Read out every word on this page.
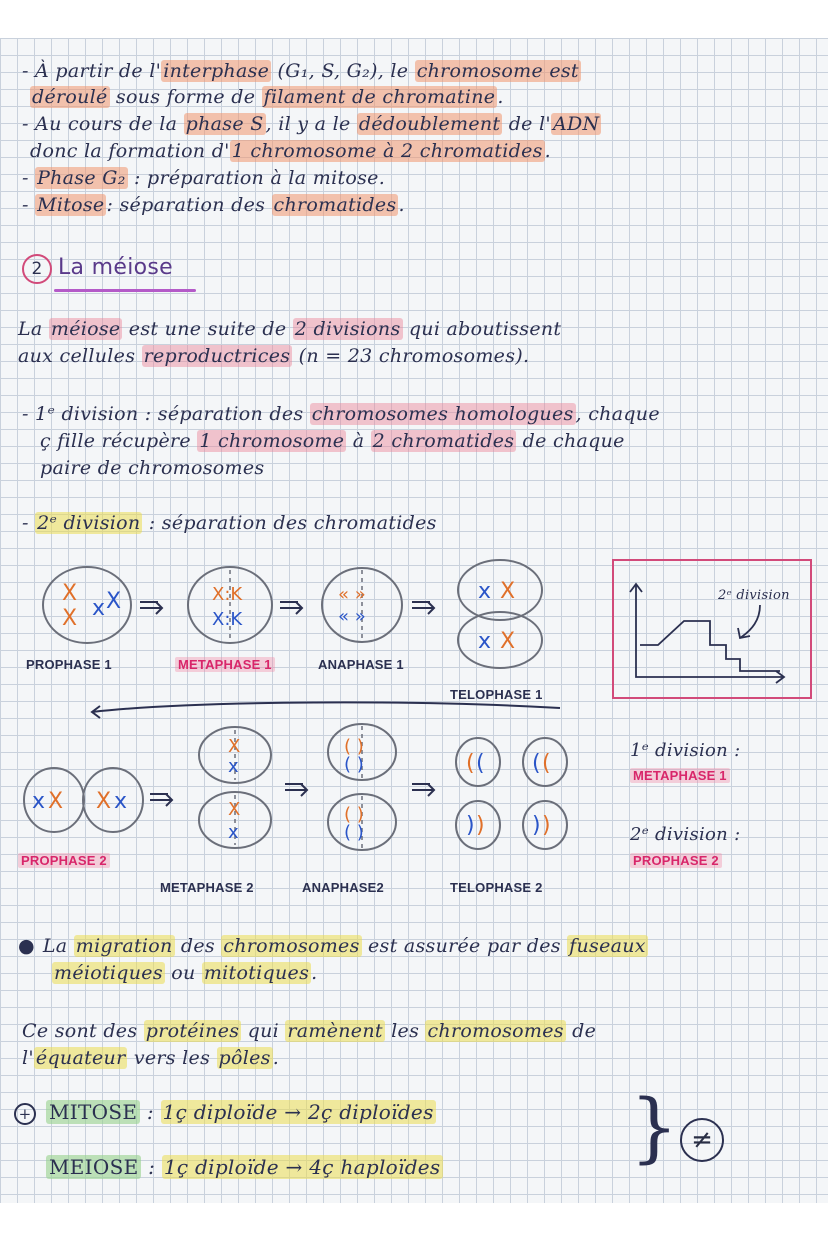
- À partir de l' interphase (G₁, S, G₂), le chromosome est
déroulé sous forme de filament de chromatine .
- Au cours de la phase S , il y a le dédoublement de l' ADN
donc la formation d' 1 chromosome à 2 chromatides .
- Phase G₂ : préparation à la mitose.
- Mitose : séparation des chromatides .
2 La méiose
La méiose est une suite de 2 divisions qui aboutissent
aux cellules reproductrices (n = 23 chromosomes).
- 1ᵉ division : séparation des chromosomes homologues , chaque
ç fille récupère 1 chromosome à 2 chromatides de chaque
paire de chromosomes
- 2ᵉ division : séparation des chromatides
X
X x X	X:K
X:K
« »
« »
x X
x X
x X X x
X
x
X
x
( )
( )
( )
( )
( ( ( (
) ) ) )
PROPHASE 1	METAPHASE 1	ANAPHASE 1
TELOPHASE 1
PROPHASE 2
METAPHASE 2	ANAPHASE2	TELOPHASE 2
2ᵉ division
1ᵉ division :
METAPHASE 1
2ᵉ division :
PROPHASE 2
● La migration des chromosomes est assurée par des fuseaux
méiotiques ou mitotiques .
Ce sont des protéines qui ramènent les chromosomes de
l' équateur vers les pôles .
+ MITOSE : 1ç diploïde → 2ç diploïdes
MEIOSE : 1ç diploïde → 4ç haploïdes } ≠
